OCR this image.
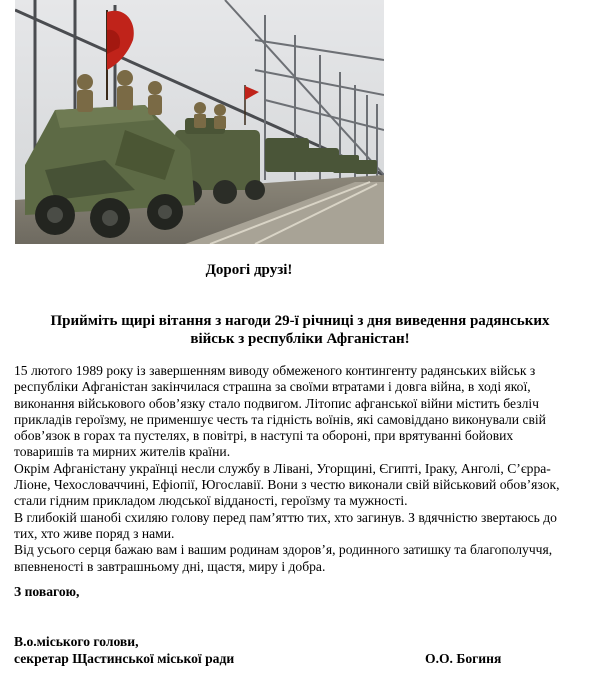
Дорогі друзі!
Прийміть щирі вітання з нагоди 29-ї річниці з дня виведення радянських
військ з республіки Афганістан!
15 лютого 1989 року із завершенням виводу обмеженого контингенту радянських військ з
республіки Афганістан закінчилася страшна за своїми втратами і довга війна, в ході якої,
виконання військового обов’язку стало подвигом. Літопис афганської війни містить безліч
прикладів героїзму, не применшує честь та гідність воїнів, які самовіддано виконували свій
обов’язок в горах та пустелях, в повітрі, в наступі та обороні, при врятуванні бойових
товаришів та мирних жителів країни.
Окрім Афганістану українці несли службу в Лівані, Угорщині, Єгипті, Іраку, Анголі, С’єрра-
Ліоне, Чехословаччині, Ефіопії, Югославії. Вони з честю виконали свій військовий обов’язок,
стали гідним прикладом людської відданості, героїзму та мужності.
В глибокій шанобі схиляю голову перед пам’яттю тих, хто загинув. З вдячністю звертаюсь до
тих, хто живе поряд з нами.
Від усього серця бажаю вам і вашим родинам здоров’я, родинного затишку та благополуччя,
впевненості в завтрашньому дні, щастя, миру і добра.
З повагою,
В.о.міського голови,
секретар Щастинської міської ради	О.О. Богиня
